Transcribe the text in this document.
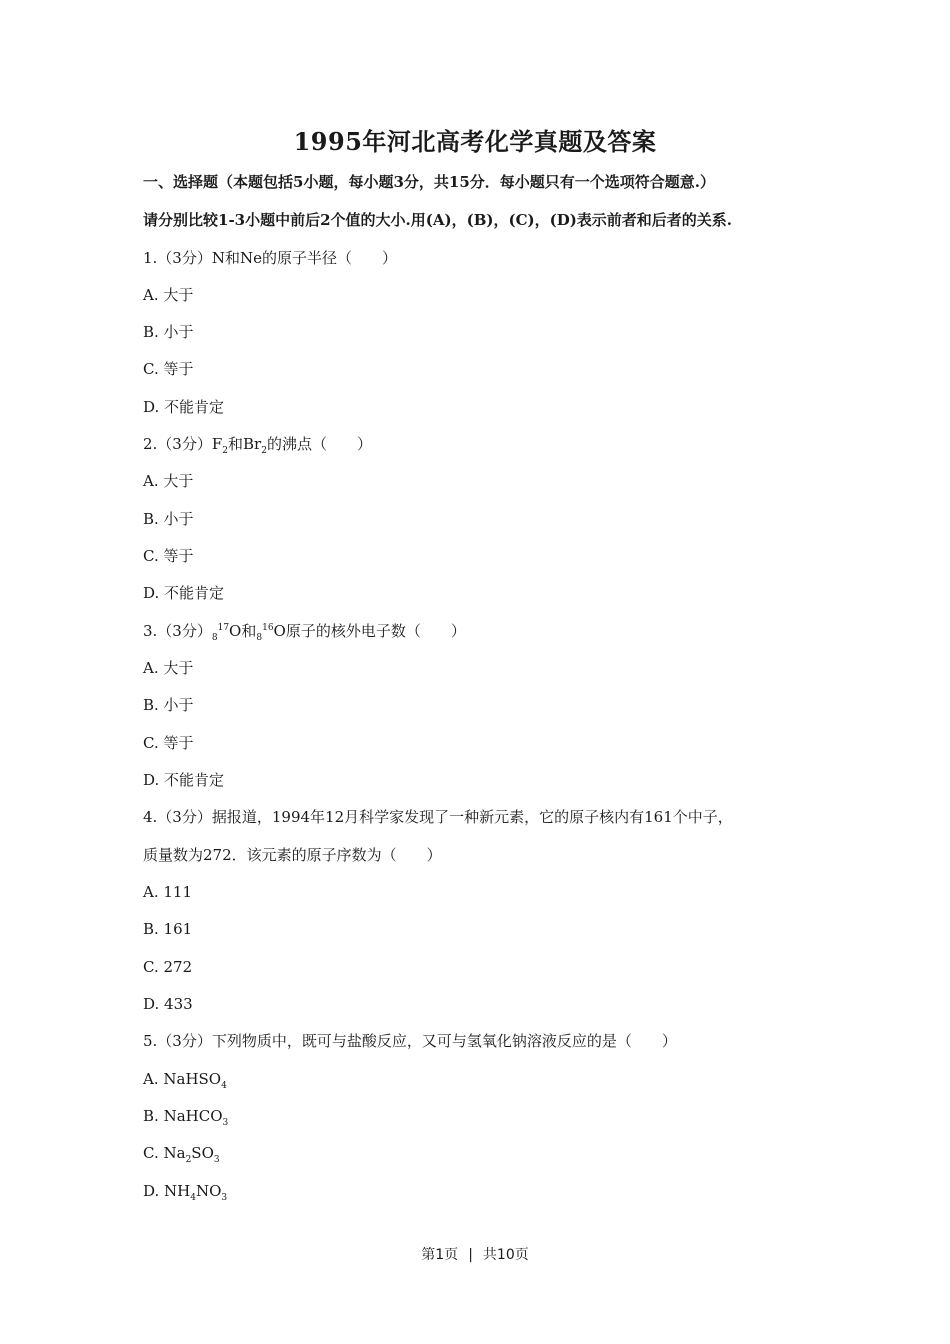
1995年河北高考化学真题及答案
一、选择题（本题包括5小题，每小题3分，共15分．每小题只有一个选项符合题意.）
请分别比较1-3小题中前后2个值的大小.用(A)，(B)，(C)，(D)表示前者和后者的关系.
1.（3分）N和Ne的原子半径（　　）
A. 大于
B. 小于
C. 等于
D. 不能肯定
2.（3分）$F_2$和$Br_2$的沸点（　　）
A. 大于
B. 小于
C. 等于
D. 不能肯定
3.（3分）$_8^{17}O$和$_8^{16}$O原子的核外电子数（　　）
A. 大于
B. 小于
C. 等于
D. 不能肯定
4.（3分）据报道，1994年12月科学家发现了一种新元素，它的原子核内有161个中子，
质量数为272．该元素的原子序数为（　　）
A. 111
B. 161
C. 272
D. 433
5.（3分）下列物质中，既可与盐酸反应，又可与氢氧化钠溶液反应的是（　　）
A. NaHSO$_4$
B. NaHCO$_3$
C. $Na_2SO_3$
D. $NH_4NO_3$
第1页 | 共10页
